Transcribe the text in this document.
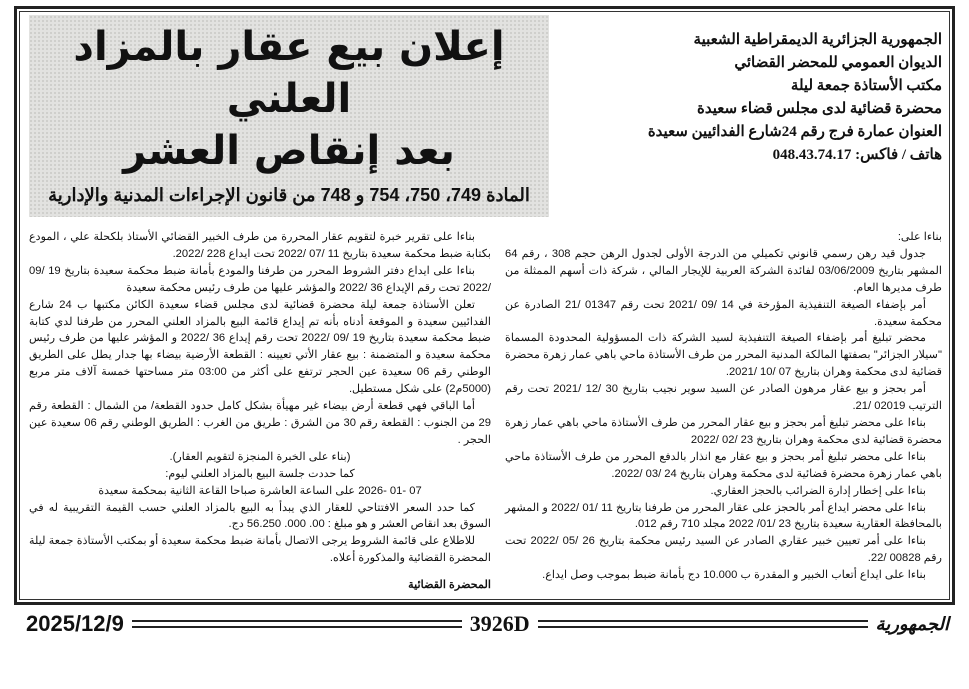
إعلان بيع عقار بالمزاد العلني
بعد إنقاص العشر
المادة 749، 750، 754 و 748 من قانون الإجراءات المدنية والإدارية
الجمهورية الجزائرية الديمقراطية الشعبية
الديوان العمومي للمحضر القضائي
مكتب الأستاذة جمعة ليلة
محضرة قضائية لدى مجلس قضاء سعيدة
العنوان عمارة فرج رقم 24شارع الفدائيين سعيدة
هاتف / فاكس: 048.43.74.17

بناءا على تقرير خبرة لتقويم عقار المحررة من طرف الخبير القضائي الأستاذ بلكحلة علي ، المودع بكتابة ضبط محكمة سعيدة بتاريخ 11 /07 /2022 تحت ايداع 228 /2022.

بناءا على ايداع دفتر الشروط المحرر من طرفنا والمودع بأمانة ضبط محكمة سعيدة بتاريخ 19 /09 /2022 تحت رقم الإيداع 36 /2022 والمؤشر عليها من طرف رئيس محكمة سعيدة

تعلن الأستاذة جمعة ليلة محضرة قضائية لدى مجلس قضاء سعيدة الكائن مكتبها ب 24 شارع الفدائيين سعيدة و الموقعة أدناه بأنه تم إيداع قائمة البيع بالمزاد العلني المحرر من طرفنا لدي كتابة ضبط محكمة سعيدة بتاريخ 19 /09 /2022 تحت رقم إيداع 36 /2022 و المؤشر عليها من طرف رئيس محكمة سعيدة و المتضمنة : بيع عقار الأتي تعيينه : القطعة الأرضية بيضاء بها جدار يطل على الطريق الوطني رقم 06 سعيدة عين الحجر ترتفع على أكثر من 03:00 متر مساحتها خمسة آلاف متر مربع (5000م2) على شكل مستطيل.

أما الباقي فهي قطعة أرض بيضاء غير مهيأة بشكل كامل حدود القطعة/ من الشمال : القطعة رقم 29 من الجنوب : القطعة رقم 30 من الشرق : طريق من الغرب : الطريق الوطني رقم 06 سعيدة عين الحجر .

(بناء على الخبرة المنجزة لتقويم العقار).

كما حددت جلسة البيع بالمزاد العلني ليوم:

07 -01 -2026 على الساعة العاشرة صباحا القاعة الثانية بمحكمة سعيدة

كما حدد السعر الافتتاحي للعقار الذي يبدأ به البيع بالمزاد العلني حسب القيمة التقريبية له في السوق بعد انقاص العشر و هو مبلغ : 00. 000. 56.250 دج.

للاطلاع على قائمة الشروط يرجى الاتصال بأمانة ضبط محكمة سعيدة أو بمكتب الأستاذة جمعة ليلة المحضرة القضائية والمذكورة أعلاه.

المحضرة القضائية

بناءا على:

جدول قيد رهن رسمي قانوني تكميلي من الدرجة الأولى لجدول الرهن حجم 308 ، رقم 64 المشهر بتاريخ 03/06/2009 لفائدة الشركة العربية للإيجار المالي ، شركة ذات أسهم الممثلة من طرف مديرها العام.

أمر بإضفاء الصيغة التنفيذية المؤرخة في 14 /09 /2021 تحت رقم 01347 /21 الصادرة عن محكمة سعيدة.

محضر تبليغ أمر بإضفاء الصيغة التنفيذية لسيد الشركة ذات المسؤولية المحدودة المسماة "سيلار الجزائر" بصفتها المالكة المدنية المحرر من طرف الأستاذة ماحي باهي عمار زهرة محضرة قضائية لدى محكمة وهران بتاريخ 07 /10 /2021.

أمر بحجز و بيع عقار مرهون الصادر عن السيد سوير نجيب بتاريخ 30 /12 /2021 تحت رقم الترتيب 02019 /21.

بناءا على محضر تبليغ أمر بحجز و بيع عقار المحرر من طرف الأستاذة ماحي باهي عمار زهرة محضرة قضائية لدى محكمة وهران بتاريخ 23 /02 /2022

بناءا على محضر تبليغ أمر بحجز و بيع عقار مع انذار بالدفع المحرر من طرف الأستاذة ماحي باهي عمار زهرة محضرة قضائية لدى محكمة وهران بتاريخ 24 /03 /2022.

بناءا على إخطار إدارة الضرائب بالحجز العقاري.

بناءا على محضر ايداع أمر بالحجز على عقار المحرر من طرفنا بتاريخ 11 /01 /2022 و المشهر بالمحافظة العقارية سعيدة بتاريخ 23 /01/ 2022 مجلد 710 رقم 012.

بناءا على أمر تعيين خبير عقاري الصادر عن السيد رئيس محكمة بتاريخ 26 /05 /2022 تحت رقم 00828 /22.

بناءا على ايداع أتعاب الخبير و المقدرة ب 10.000 دج بأمانة ضبط بموجب وصل ايداع.

2025/12/9	3926D	الجمهورية
